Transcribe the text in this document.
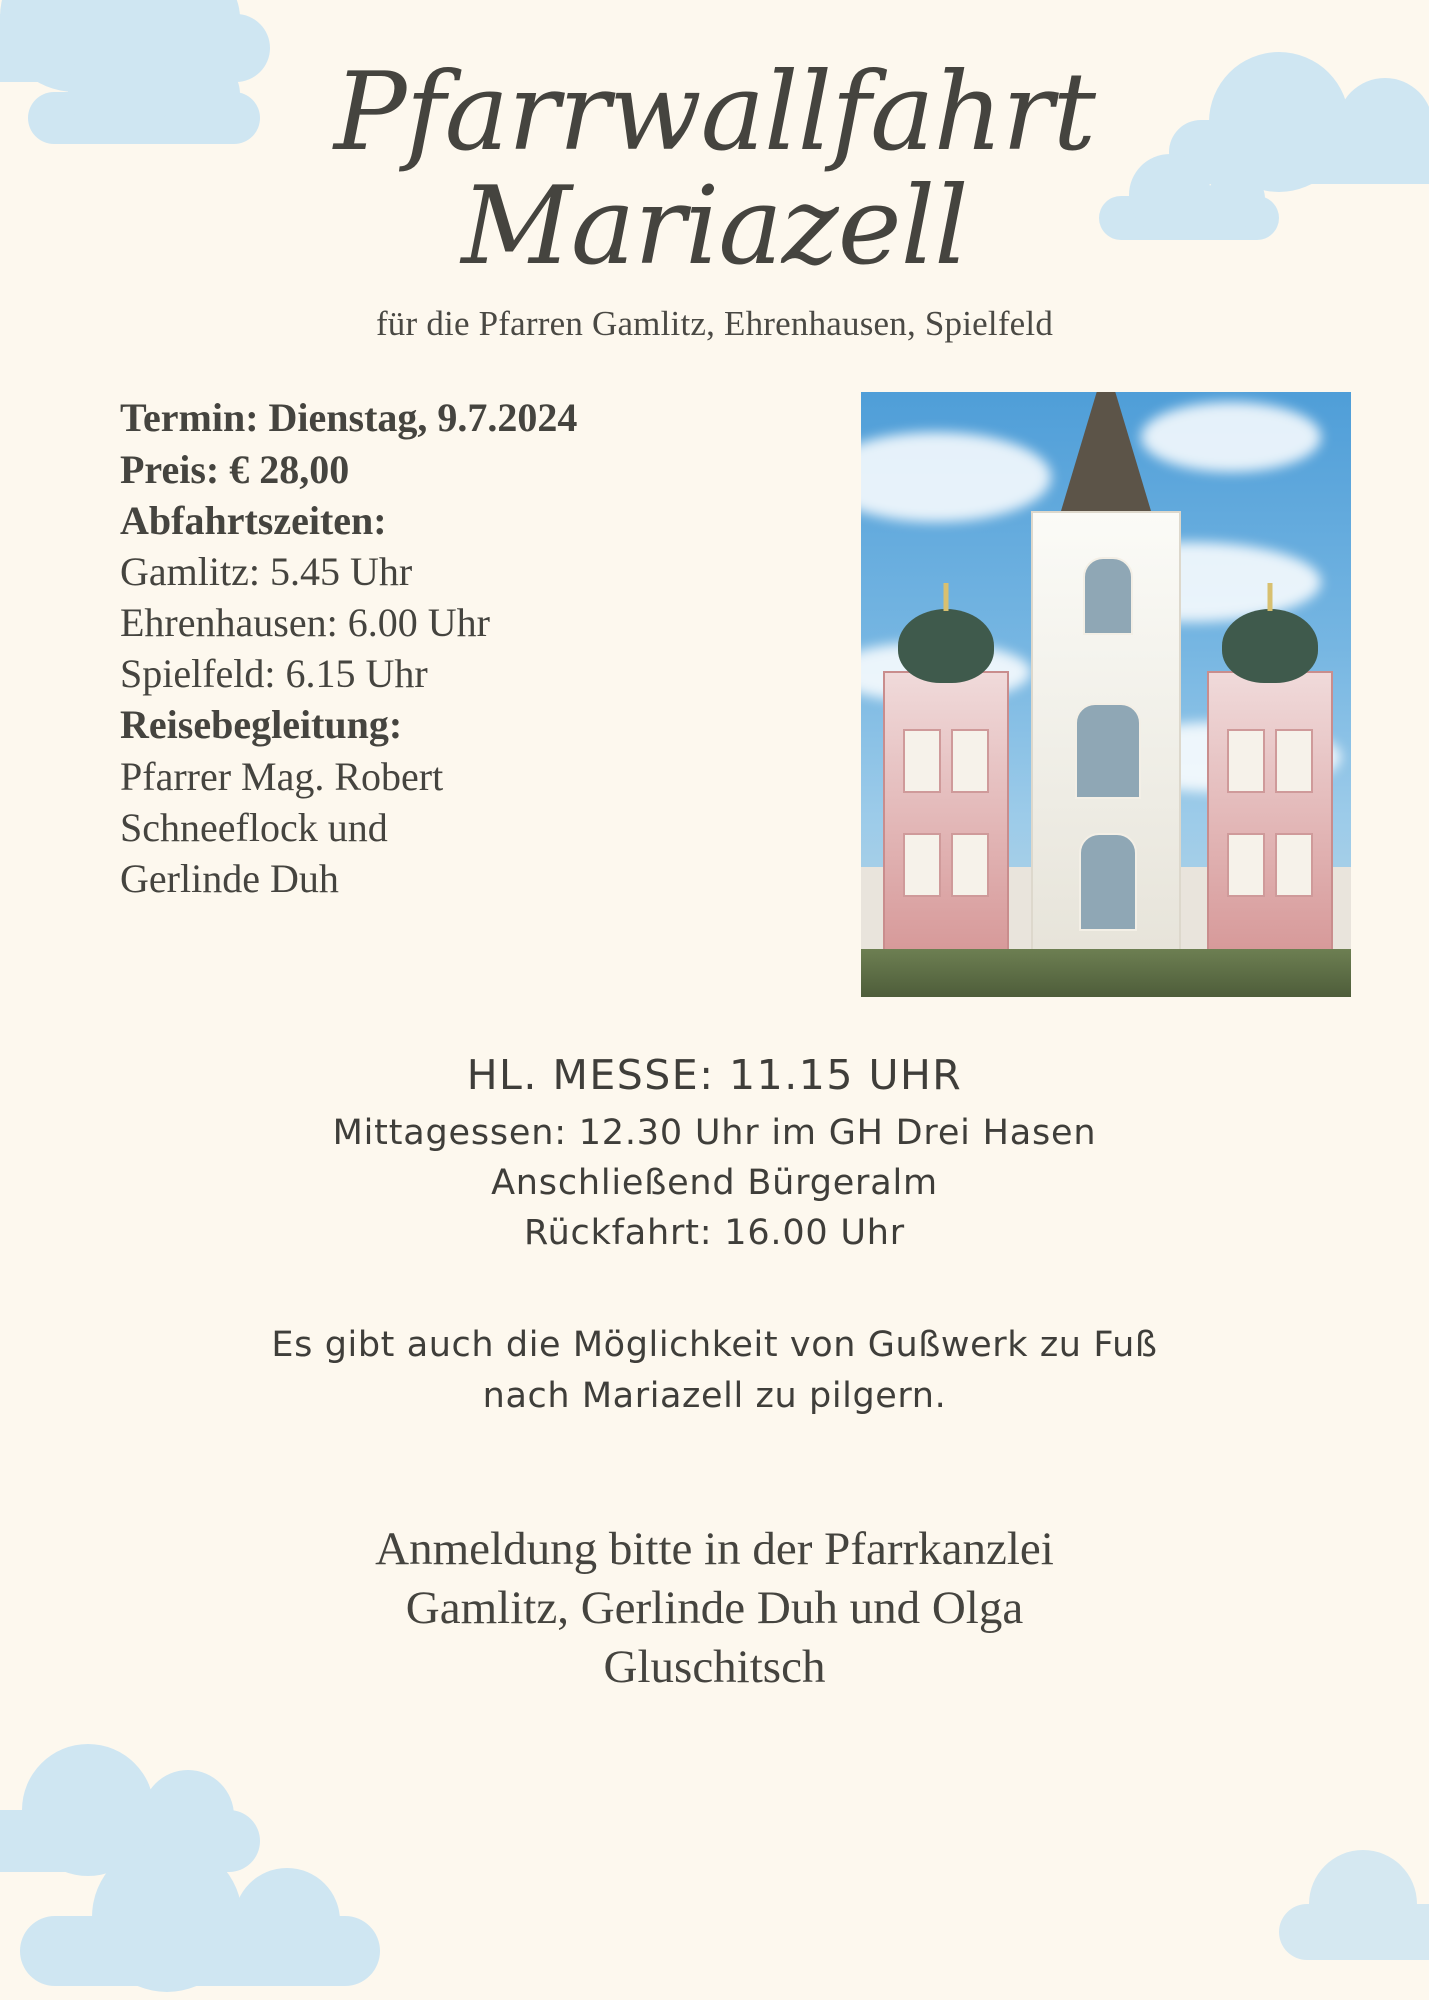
Pfarrwallfahrt
Mariazell
für die Pfarren Gamlitz, Ehrenhausen, Spielfeld
Termin: Dienstag, 9.7.2024
Preis: € 28,00
Abfahrtszeiten:
Gamlitz: 5.45 Uhr
Ehrenhausen: 6.00 Uhr
Spielfeld: 6.15 Uhr
Reisebegleitung:
Pfarrer Mag. Robert
Schneeflock und
Gerlinde Duh
HL. MESSE: 11.15 UHR
Mittagessen: 12.30 Uhr im GH Drei Hasen
Anschließend Bürgeralm
Rückfahrt: 16.00 Uhr
Es gibt auch die Möglichkeit von Gußwerk zu Fuß
nach Mariazell zu pilgern.
Anmeldung bitte in der Pfarrkanzlei
Gamlitz, Gerlinde Duh und Olga
Gluschitsch
